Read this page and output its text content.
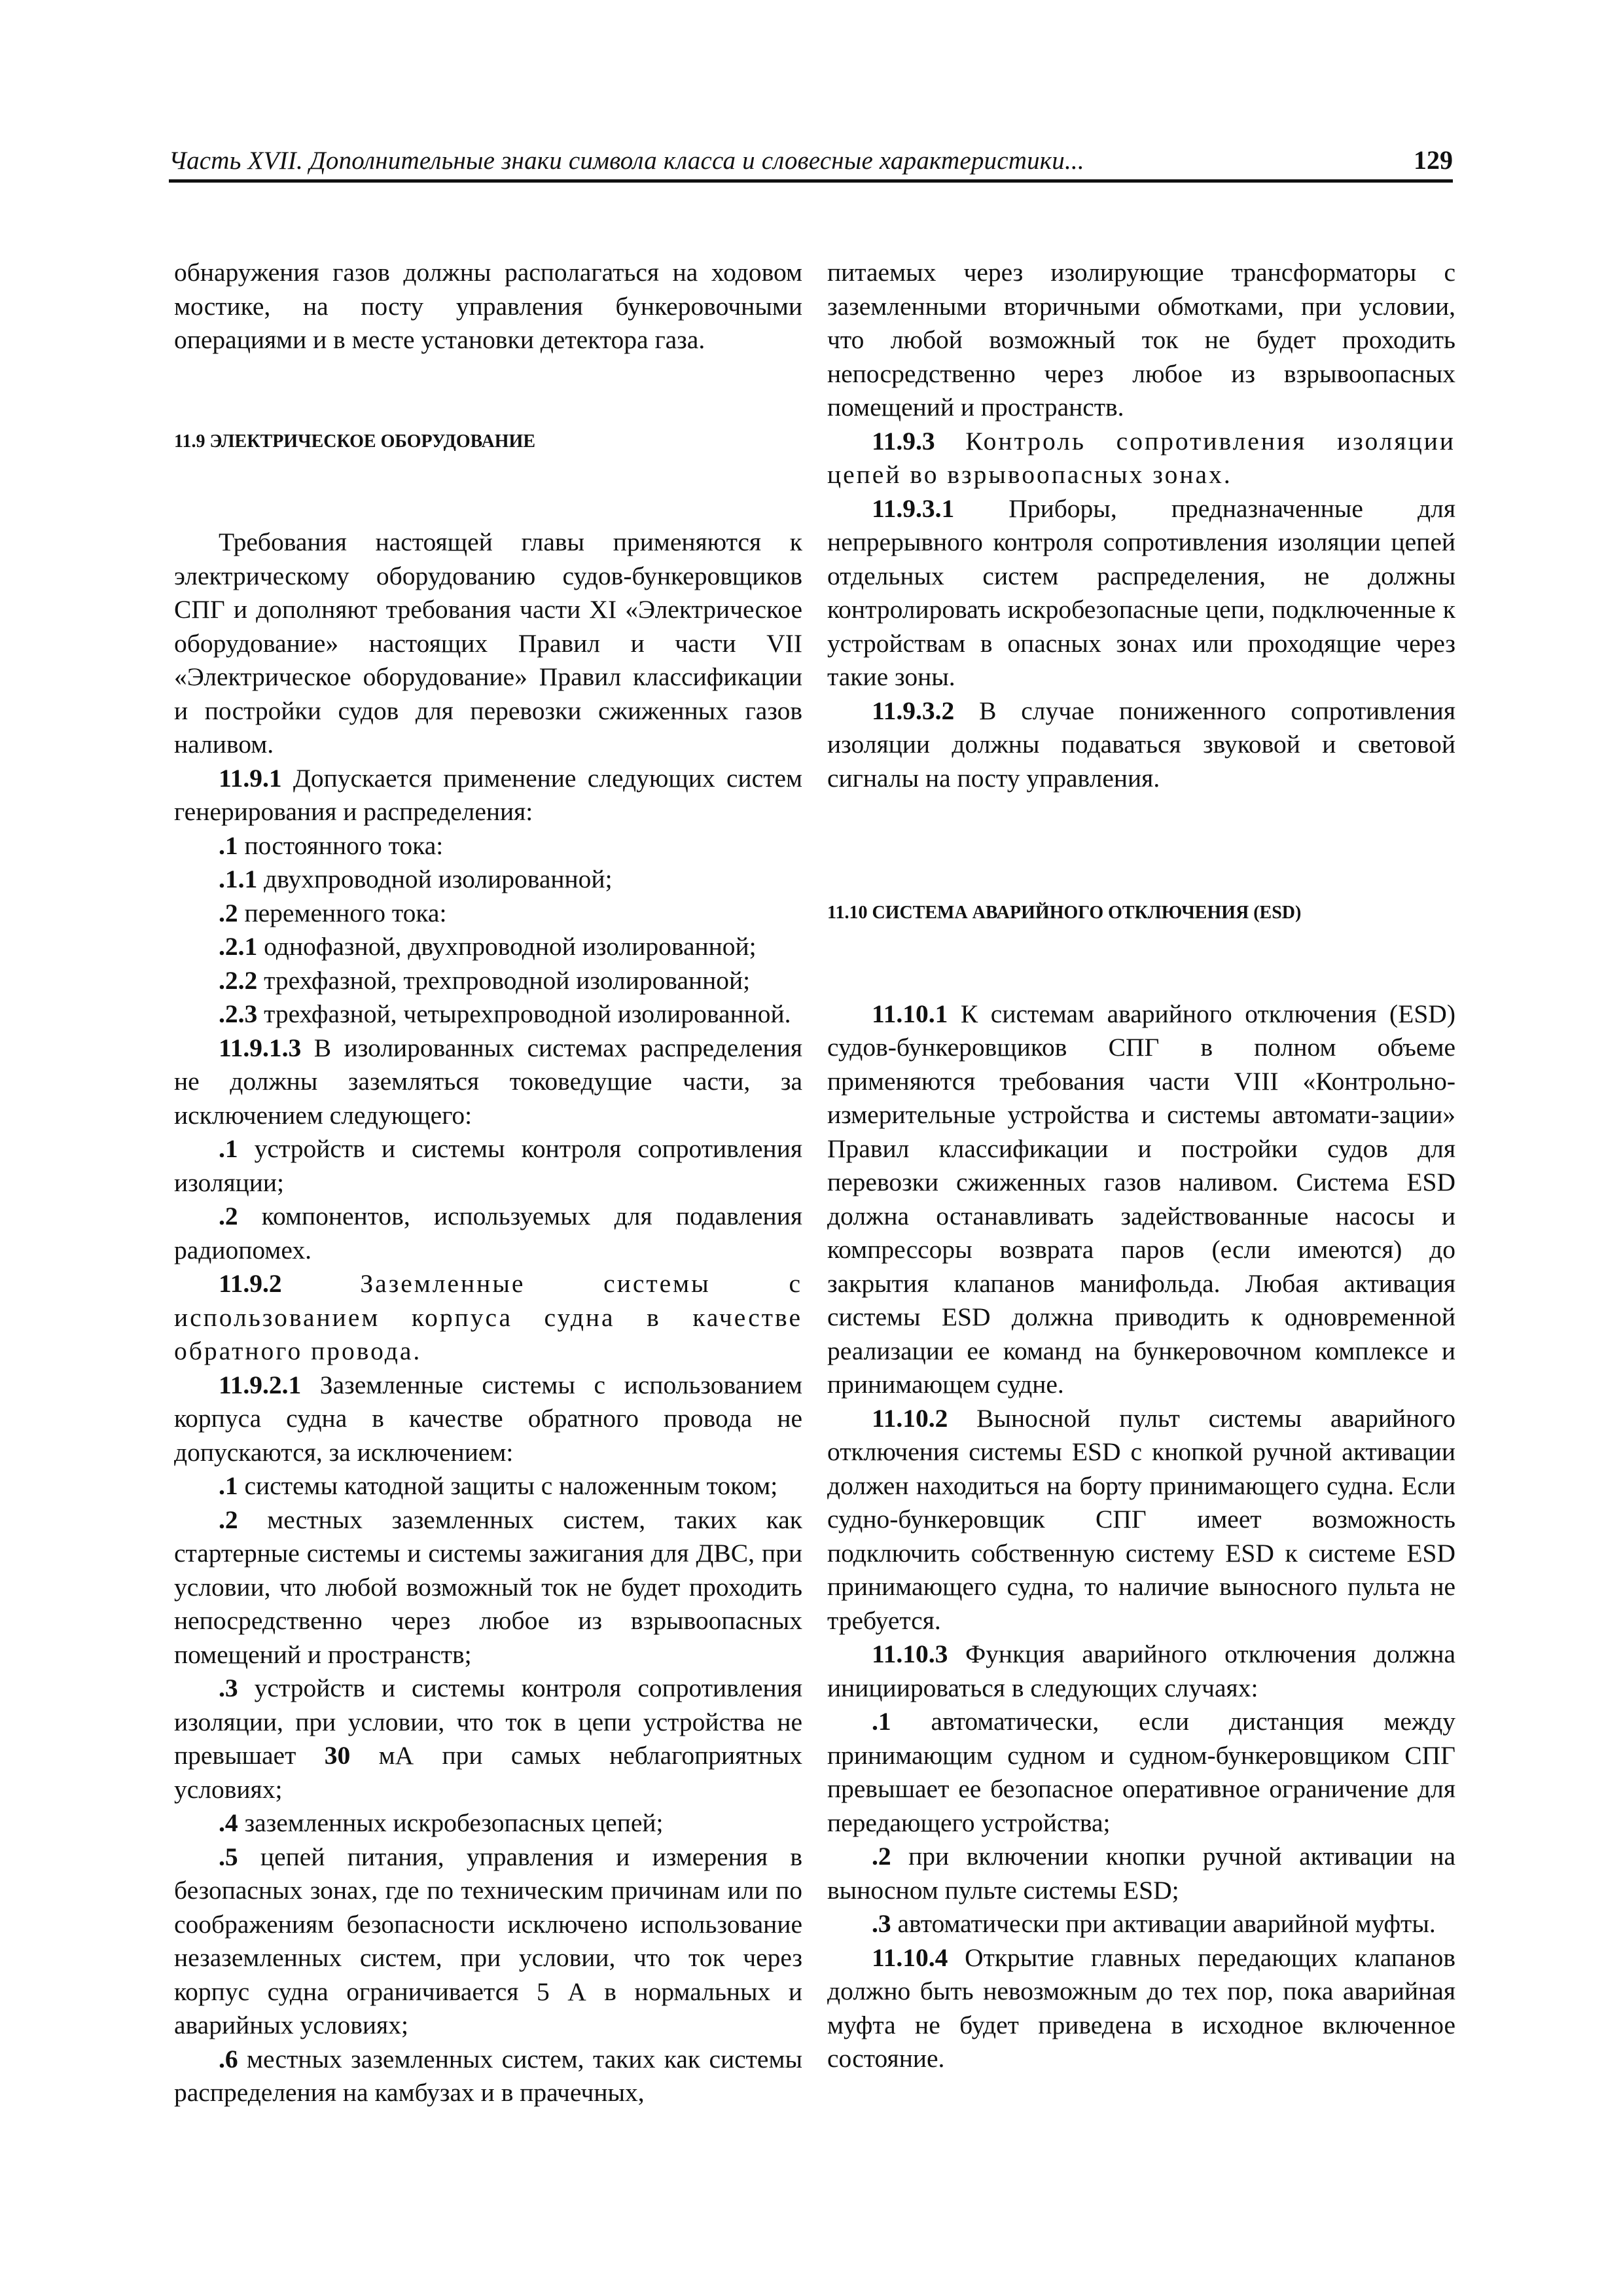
Часть XVII. Дополнительные знаки символа класса и словесные характеристики...	129

обнаружения газов должны располагаться на ходовом мостике, на посту управления бункеровочными операциями и в месте установки детектора газа.

11.9 ЭЛЕКТРИЧЕСКОЕ ОБОРУДОВАНИЕ

Требования настоящей главы применяются к электрическому оборудованию судов-бункеровщиков СПГ и дополняют требования части XI «Электрическое оборудование» настоящих Правил и части VII «Электрическое оборудование» Правил классификации и постройки судов для перевозки сжиженных газов наливом.

11.9.1 Допускается применение следующих систем генерирования и распределения:

.1 постоянного тока:

.1.1 двухпроводной изолированной;

.2 переменного тока:

.2.1 однофазной, двухпроводной изолированной;

.2.2 трехфазной, трехпроводной изолированной;

.2.3 трехфазной, четырехпроводной изолированной.

11.9.1.3 В изолированных системах распределения не должны заземляться токоведущие части, за исключением следующего:

.1 устройств и системы контроля сопротивления изоляции;

.2 компонентов, используемых для подавления радиопомех.

11.9.2 Заземленные системы с использованием корпуса судна в качестве обратного провода.

11.9.2.1 Заземленные системы с использованием корпуса судна в качестве обратного провода не допускаются, за исключением:

.1 системы катодной защиты с наложенным током;

.2 местных заземленных систем, таких как стартерные системы и системы зажигания для ДВС, при условии, что любой возможный ток не будет проходить непосредственно через любое из взрывоопасных помещений и пространств;

.3 устройств и системы контроля сопротивления изоляции, при условии, что ток в цепи устройства не превышает 30 мА при самых неблагоприятных условиях;

.4 заземленных искробезопасных цепей;

.5 цепей питания, управления и измерения в безопасных зонах, где по техническим причинам или по соображениям безопасности исключено использование незаземленных систем, при условии, что ток через корпус судна ограничивается 5 А в нормальных и аварийных условиях;

.6 местных заземленных систем, таких как системы распределения на камбузах и в прачечных,

питаемых через изолирующие трансформаторы с заземленными вторичными обмотками, при условии, что любой возможный ток не будет проходить непосредственно через любое из взрывоопасных помещений и пространств.

11.9.3 Контроль сопротивления изоляции цепей во взрывоопасных зонах.

11.9.3.1 Приборы, предназначенные для непрерывного контроля сопротивления изоляции цепей отдельных систем распределения, не должны контролировать искробезопасные цепи, подключенные к устройствам в опасных зонах или проходящие через такие зоны.

11.9.3.2 В случае пониженного сопротивления изоляции должны подаваться звуковой и световой сигналы на посту управления.

11.10 СИСТЕМА АВАРИЙНОГО ОТКЛЮЧЕНИЯ (ESD)

11.10.1 К системам аварийного отключения (ESD) судов-бункеровщиков СПГ в полном объеме применяются требования части VIII «Контрольно-измерительные устройства и системы автомати-зации» Правил классификации и постройки судов для перевозки сжиженных газов наливом. Система ESD должна останавливать задействованные насосы и компрессоры возврата паров (если имеются) до закрытия клапанов манифольда. Любая активация системы ESD должна приводить к одновременной реализации ее команд на бункеровочном комплексе и принимающем судне.

11.10.2 Выносной пульт системы аварийного отключения системы ESD с кнопкой ручной активации должен находиться на борту принимающего судна. Если судно-бункеровщик СПГ имеет возможность подключить собственную систему ESD к системе ESD принимающего судна, то наличие выносного пульта не требуется.

11.10.3 Функция аварийного отключения должна инициироваться в следующих случаях:

.1 автоматически, если дистанция между принимающим судном и судном-бункеровщиком СПГ превышает ее безопасное оперативное ограничение для передающего устройства;

.2 при включении кнопки ручной активации на выносном пульте системы ESD;

.3 автоматически при активации аварийной муфты.

11.10.4 Открытие главных передающих клапанов должно быть невозможным до тех пор, пока аварийная муфта не будет приведена в исходное включенное состояние.
